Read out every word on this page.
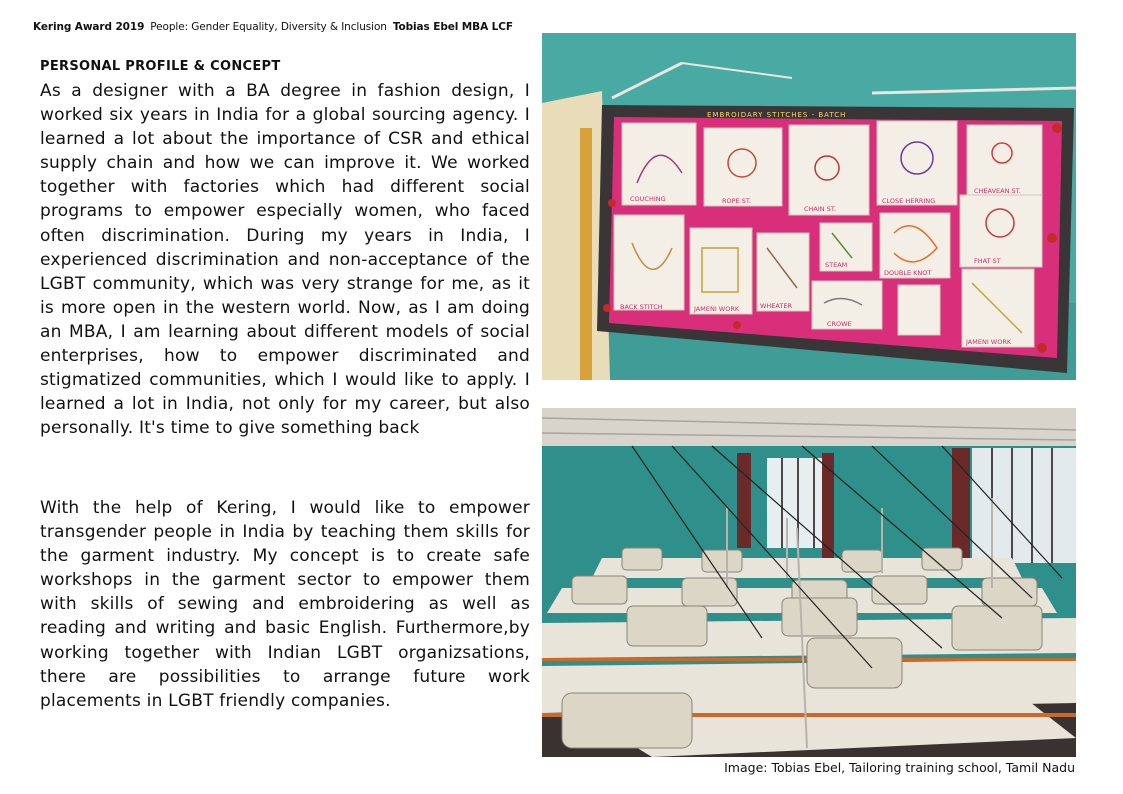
Kering Award 2019 People: Gender Equality, Diversity & Inclusion Tobias Ebel MBA LCF
PERSONAL PROFILE & CONCEPT

As a designer with a BA degree in fashion design, I worked six years in India for a global sourcing agency. I learned a lot about the importance of CSR and ethical supply chain and how we can improve it. We worked together with factories which had different social programs to empower especially women, who faced often discrimination. During my years in India, I experienced discrimination and non-acceptance of the LGBT community, which was very strange for me, as it is more open in the western world. Now, as I am doing an MBA, I am learning about different models of social enterprises, how to empower discriminated and stigmatized communities, which I would like to apply. I learned a lot in India, not only for my career, but also personally. It's time to give something back

With the help of Kering, I would like to empower transgender people in India by teaching them skills for the garment industry. My concept is to create safe workshops in the garment sector to empower them with skills of sewing and embroidering as well as reading and writing and basic English. Furthermore,by working together with Indian LGBT organizsations, there are possibilities to arrange future work placements in LGBT friendly companies.

EMBROIDARY STITCHES - BATCH
COUCHING	ROPE ST.
CHAIN ST.
CLOSE HERRING
CHEAVEAN ST.
BACK STITCH	JAMENI WORK	WHEATER
STEAM
DOUBLE KNOT
FHAT ST
CROWE
JAMENI WORK
Image: Tobias Ebel, Tailoring training school, Tamil Nadu
